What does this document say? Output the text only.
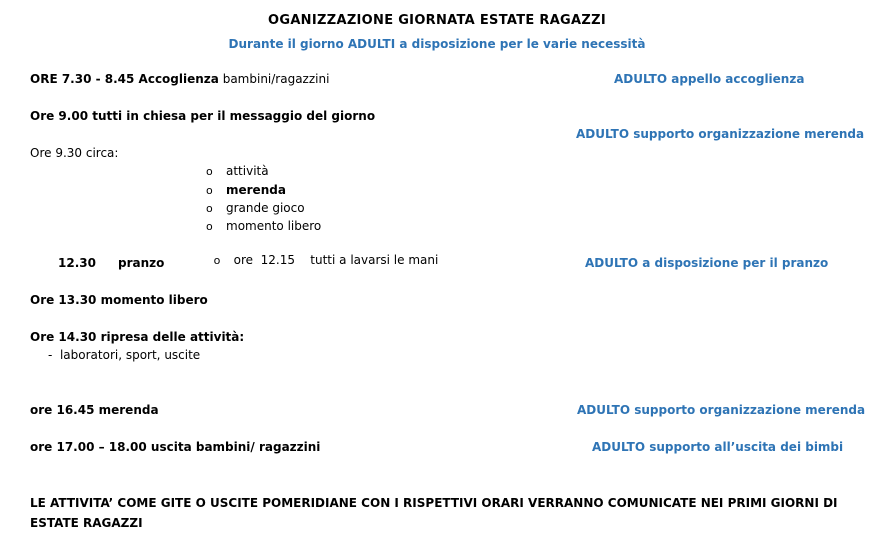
OGANIZZAZIONE GIORNATA ESTATE RAGAZZI
Durante il giorno ADULTI a disposizione per le varie necessità
ORE 7.30 - 8.45 Accoglienza bambini/ragazzini	ADULTO appello accoglienza
Ore 9.00 tutti in chiesa per il messaggio del giorno
ADULTO supporto organizzazione merenda
Ore 9.30 circa:
o attività
o merenda
o grande gioco
o momento libero

o ore  12.15    tutti a lavarsi le mani

12.30 pranzo	ADULTO a disposizione per il pranzo
Ore 13.30 momento libero
Ore 14.30 ripresa delle attività:
-  laboratori, sport, uscite
ore 16.45 merenda	ADULTO supporto organizzazione merenda
ore 17.00 – 18.00 uscita bambini/ ragazzini	ADULTO supporto all’uscita dei bimbi
LE ATTIVITA’ COME GITE O USCITE POMERIDIANE CON I RISPETTIVI ORARI VERRANNO COMUNICATE NEI PRIMI GIORNI DI ESTATE RAGAZZI
